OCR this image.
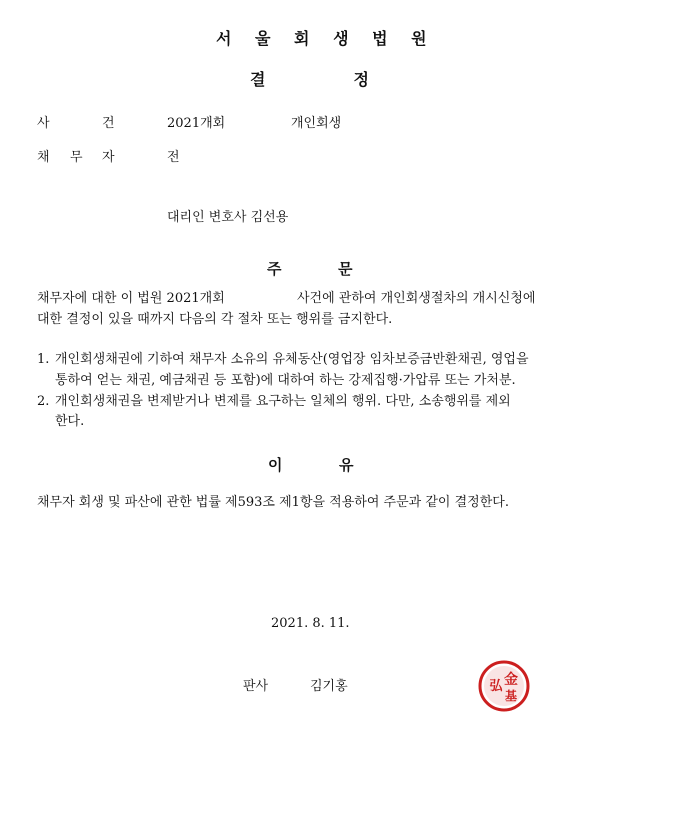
서 울 회 생 법 원
결	정
사	건	2021개회	개인회생
채 무 자	전
대리인 변호사 김선용
주	문
채무자에 대한 이 법원 2021개회	사건에 관하여 개인회생절차의 개시신청에
대한 결정이 있을 때까지 다음의 각 절차 또는 행위를 금지한다.
1. 개인회생채권에 기하여 채무자 소유의 유체동산(영업장 임차보증금반환채권, 영업을
통하여 얻는 채권, 예금채권 등 포함)에 대하여 하는 강제집행·가압류 또는 가처분.
2. 개인회생채권을 변제받거나 변제를 요구하는 일체의 행위. 다만, 소송행위를 제외
한다.
이	유
채무자 회생 및 파산에 관한 법률 제593조 제1항을 적용하여 주문과 같이 결정한다.
2021. 8. 11.
판사	김기홍	金
弘
基
